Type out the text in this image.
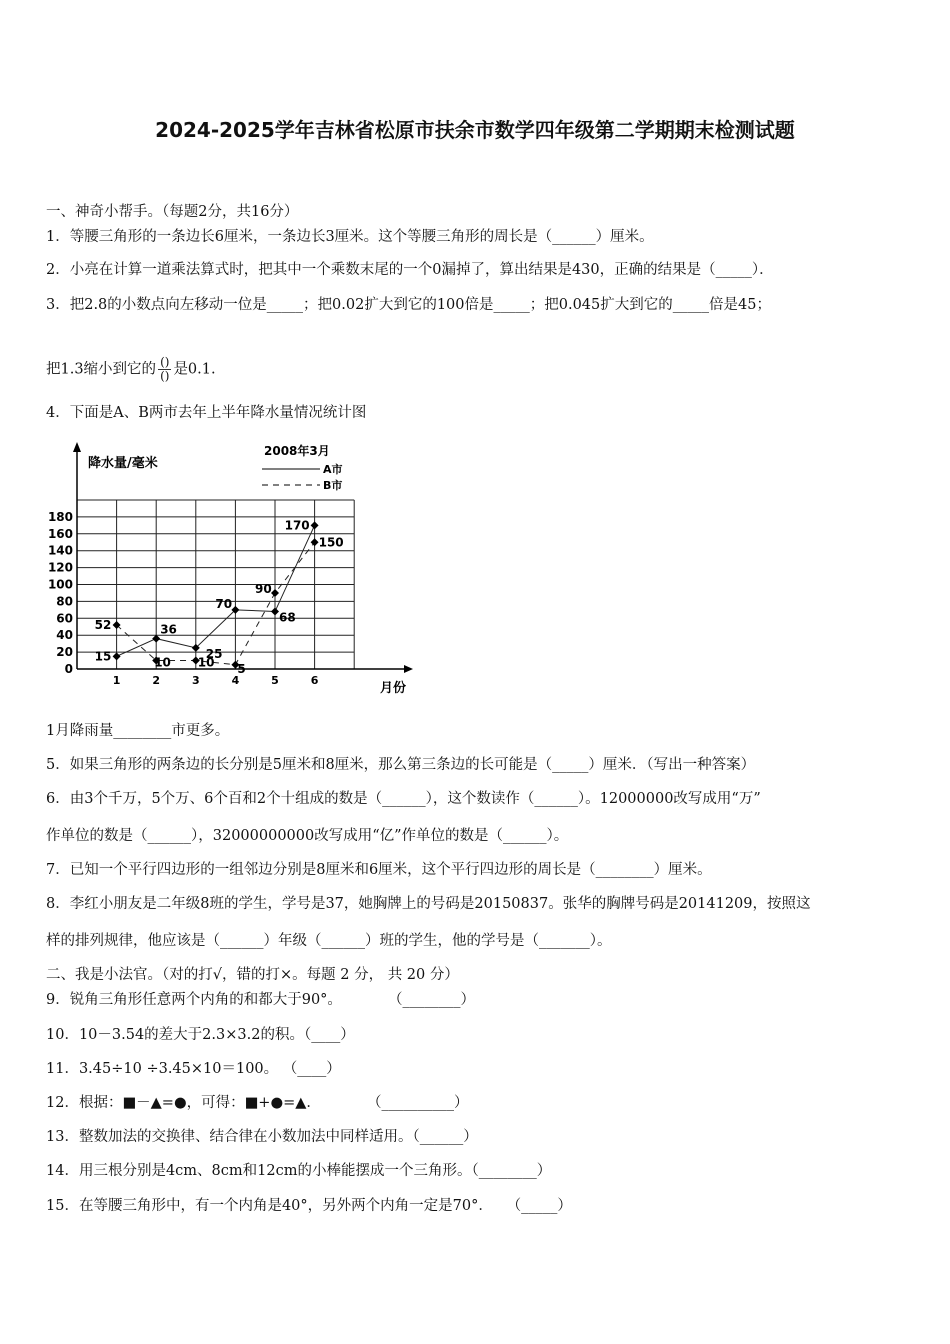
2024-2025学年吉林省松原市扶余市数学四年级第二学期期末检测试题
一、神奇小帮手。（每题2分，共16分）
1．等腰三角形的一条边长6厘米，一条边长3厘米。这个等腰三角形的周长是（______）厘米。
2．小亮在计算一道乘法算式时，把其中一个乘数末尾的一个0漏掉了，算出结果是430，正确的结果是（_____）．
3．把2.8的小数点向左移动一位是_____；把0.02扩大到它的100倍是_____；把0.045扩大到它的_____倍是45；
把1.3缩小到它的 $\frac{()}{()}$ 是0.1.
4．下面是A、B两市去年上半年降水量情况统计图
0
20
40
60
80
100
120
140
160
180
1	2	3	4	5	6
降水量/毫米
月份
2008年3月
A市
B市
15
36
25
70
68
170
52
10 10 5
90
150
1月降雨量________市更多。
5．如果三角形的两条边的长分别是5厘米和8厘米，那么第三条边的长可能是（_____）厘米．（写出一种答案）
6．由3个千万，5个万、6个百和2个十组成的数是（______），这个数读作（______）。12000000改写成用“万”
作单位的数是（______），32000000000改写成用“亿”作单位的数是（______）。
7．已知一个平行四边形的一组邻边分别是8厘米和6厘米，这个平行四边形的周长是（________）厘米。
8．李红小朋友是二年级8班的学生，学号是37，她胸牌上的号码是20150837。张华的胸牌号码是20141209，按照这
样的排列规律，他应该是（______）年级（______）班的学生，他的学号是（_______）。
二、我是小法官。（对的打√，错的打×。每题 2 分， 共 20 分）
9．锐角三角形任意两个内角的和都大于90°。          （________）
10．10－3.54的差大于2.3×3.2的积。（____）
11．3.45÷10 ÷3.45×10＝100。 （____）
12．根据：■－▲=●，可得：■+●=▲．          （__________）
13．整数加法的交换律、结合律在小数加法中同样适用。（______）
14．用三根分别是4cm、8cm和12cm的小棒能摆成一个三角形。（________）
15．在等腰三角形中，有一个内角是40°，另外两个内角一定是70°．   （_____）
